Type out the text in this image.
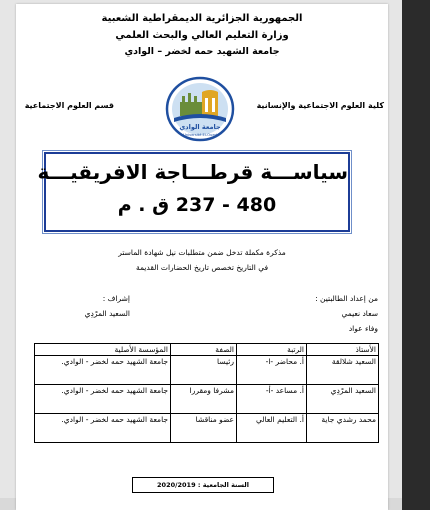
الجمهورية الجزائرية الديمقراطية الشعبية
وزارة التعليم العالي والبحث العلمي
جامعة الشهيد حمه لخضر – الوادي
كلية العلوم الاجتماعية والإنسانية
قسم العلوم الاجتماعية
جامعة الوادي
Université El-Oued
سياســـة قرطـــاجة الافريقيـــة
480 - 237 ق . م
مذكرة مكملة تدخل ضمن متطلبات نيل شهادة الماستر
في التاريخ تخصص تاريخ الحضارات القديمة
من إعداد الطالبتين :
سعاد نعيمي
وفاء عواد
إشراف :
السعيد المرْدِي
الأستاذ	الرتبة	الصفة	المؤسسة الأصلية
السعيد شلالقة	أ. محاضر -ا-	رئيسا	جامعة الشهيد حمه لخضر - الوادي.
السعيد المرْدِي	أ. مساعد -أ-	مشرفا ومقررا	جامعة الشهيد حمه لخضر - الوادي.
محمد رشدي جاية	أ. التعليم العالي	عضو مناقشا	جامعة الشهيد حمه لخضر - الوادي.
السنة الجامعية : 2020/2019
